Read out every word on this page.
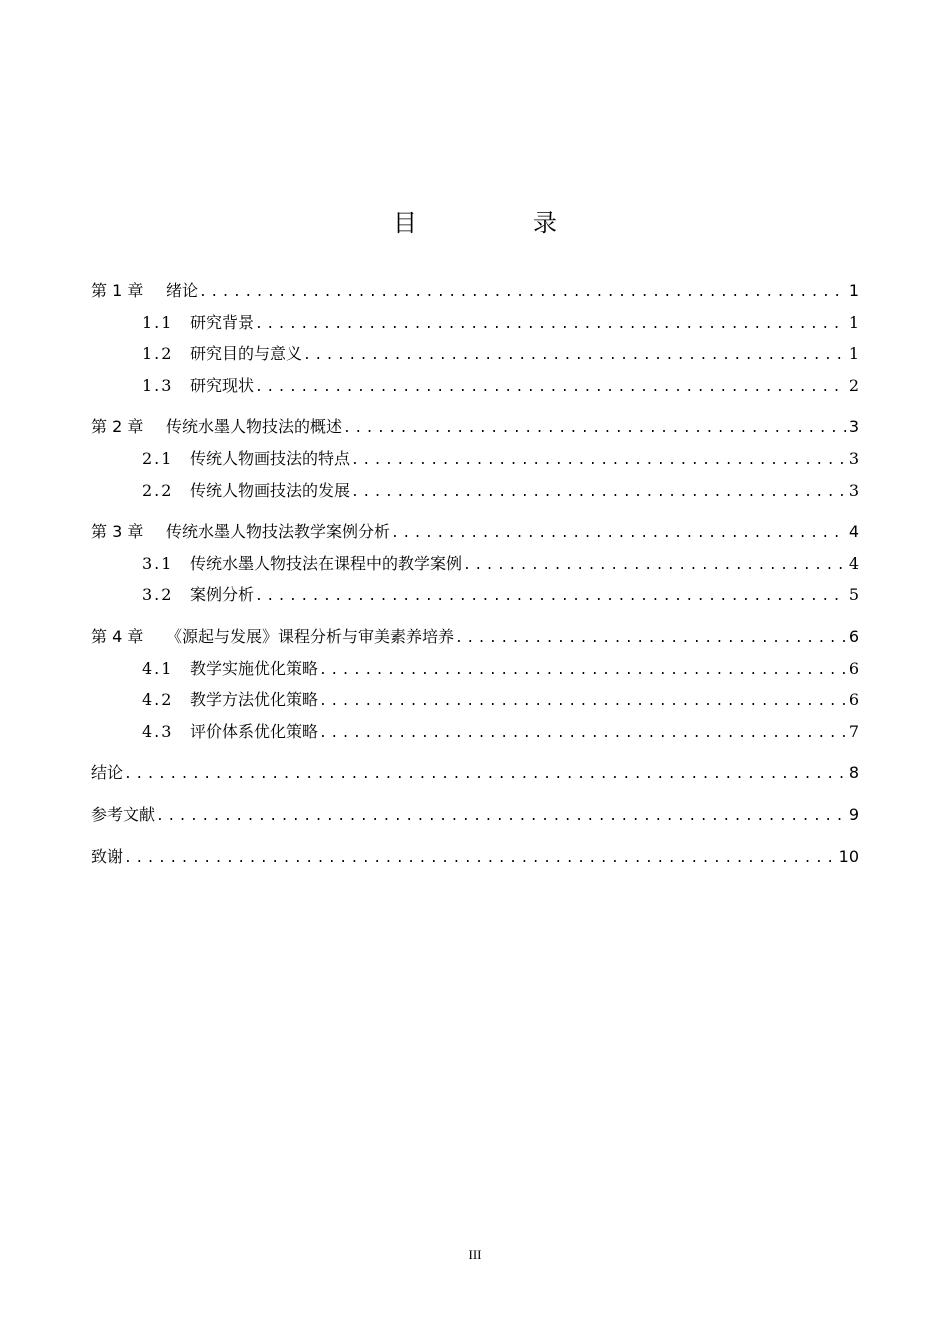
目　录
第 1 章 绪论 .....	1
1.1 研究背景 .....	1
1.2 研究目的与意义 .....	1
1.3 研究现状 .....	2
第 2 章 传统水墨人物技法的概述 .....	3
2.1 传统人物画技法的特点 .....	3
2.2 传统人物画技法的发展 .....	3
第 3 章 传统水墨人物技法教学案例分析 .....	4
3.1 传统水墨人物技法在课程中的教学案例 .....	4
3.2 案例分析 .....	5
第 4 章 《源起与发展》课程分析与审美素养培养 .....	6
4.1 教学实施优化策略 .....	6
4.2 教学方法优化策略 .....	6
4.3 评价体系优化策略 .....	7
结论 .....	8
参考文献 .....	9
致谢 .....	10
III
